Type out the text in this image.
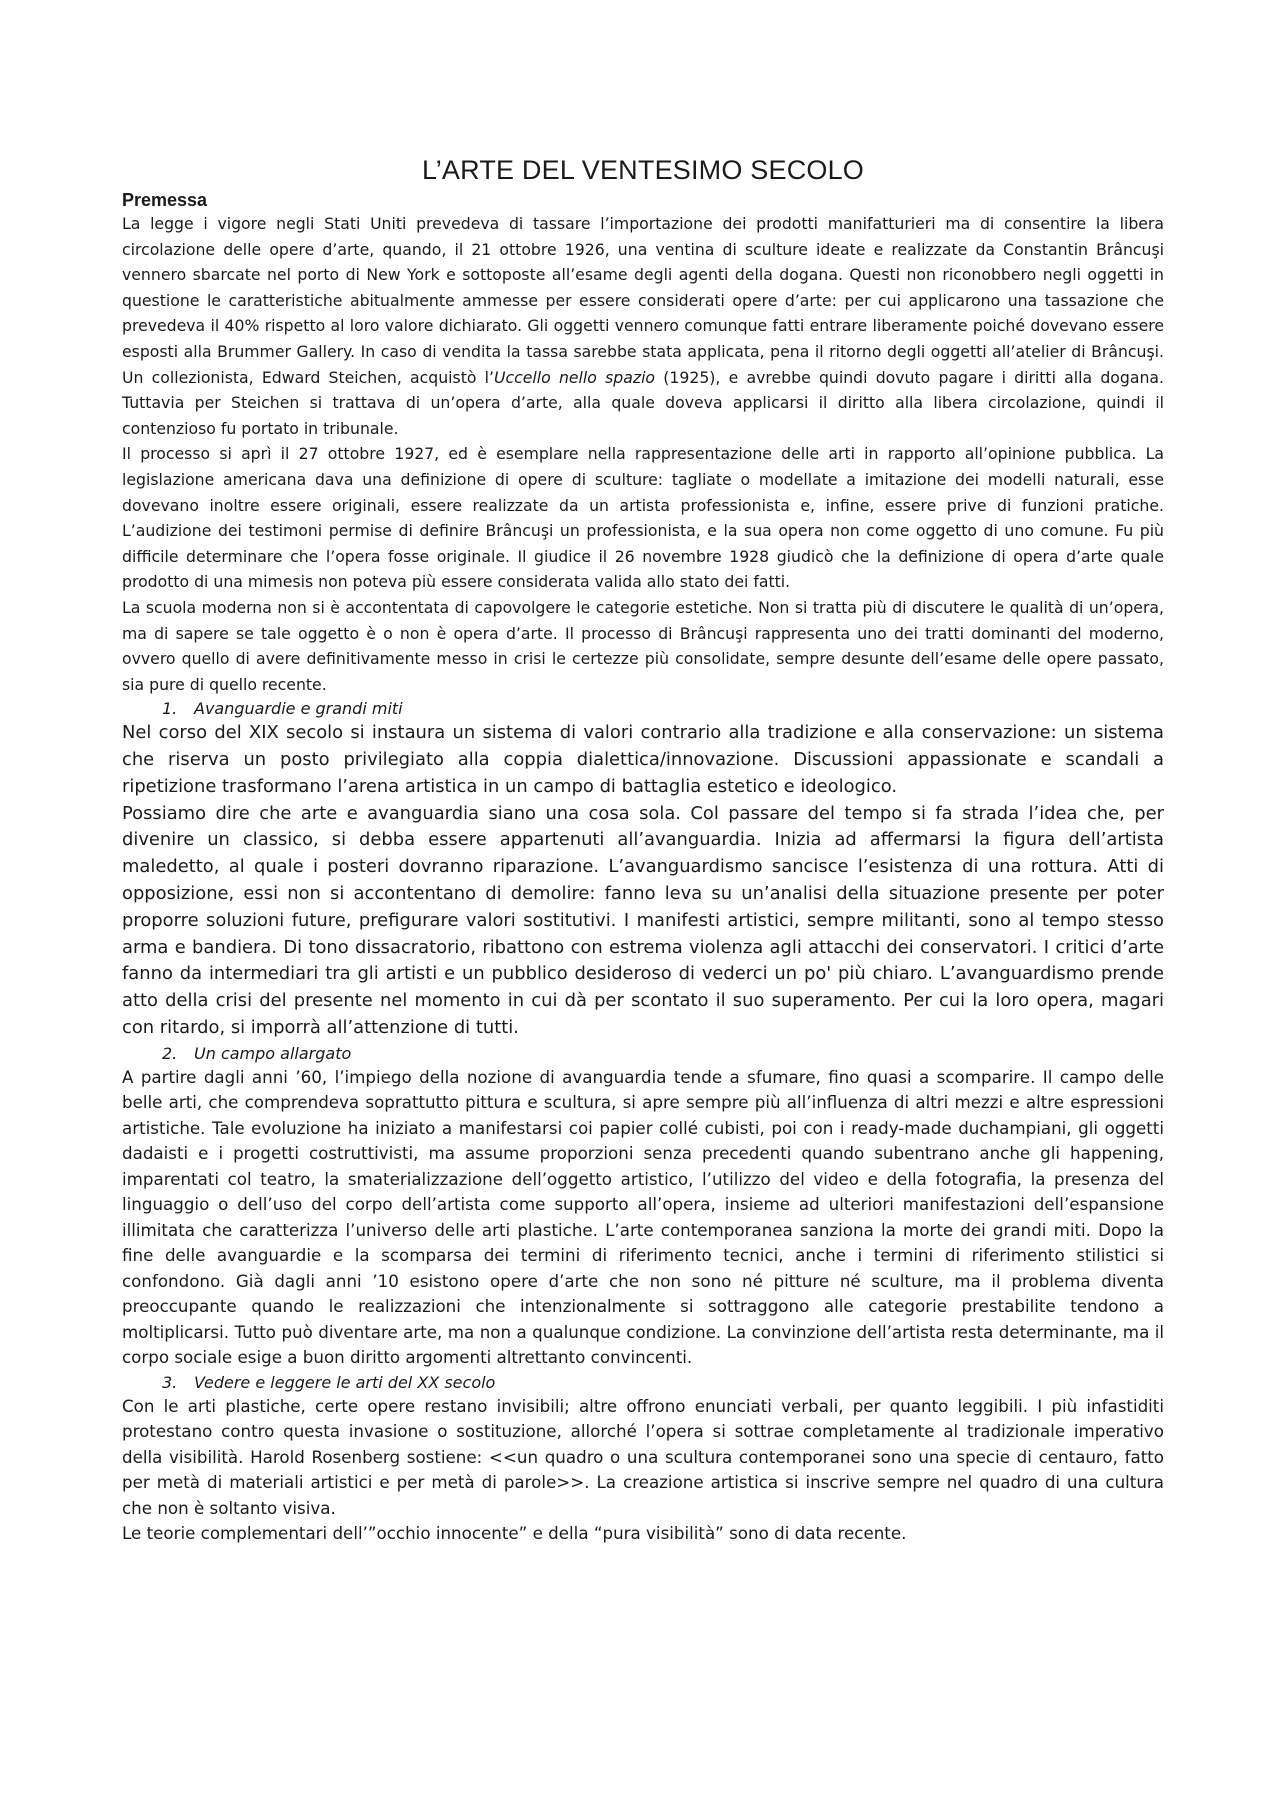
L’ARTE DEL VENTESIMO SECOLO

Premessa

La legge i vigore negli Stati Uniti prevedeva di tassare l’importazione dei prodotti manifatturieri ma di consentire la libera circolazione delle opere d’arte, quando, il 21 ottobre 1926, una ventina di sculture ideate e realizzate da Constantin Brâncuşi vennero sbarcate nel porto di New York e sottoposte all’esame degli agenti della dogana. Questi non riconobbero negli oggetti in questione le caratteristiche abitualmente ammesse per essere considerati opere d’arte: per cui applicarono una tassazione che prevedeva il 40% rispetto al loro valore dichiarato. Gli oggetti vennero comunque fatti entrare liberamente poiché dovevano essere esposti alla Brummer Gallery. In caso di vendita la tassa sarebbe stata applicata, pena il ritorno degli oggetti all’atelier di Brâncuşi. Un collezionista, Edward Steichen, acquistò l’Uccello nello spazio (1925), e avrebbe quindi dovuto pagare i diritti alla dogana. Tuttavia per Steichen si trattava di un’opera d’arte, alla quale doveva applicarsi il diritto alla libera circolazione, quindi il contenzioso fu portato in tribunale.

Il processo si aprì il 27 ottobre 1927, ed è esemplare nella rappresentazione delle arti in rapporto all’opinione pubblica. La legislazione americana dava una definizione di opere di sculture: tagliate o modellate a imitazione dei modelli naturali, esse dovevano inoltre essere originali, essere realizzate da un artista professionista e, infine, essere prive di funzioni pratiche. L’audizione dei testimoni permise di definire Brâncuşi un professionista, e la sua opera non come oggetto di uno comune. Fu più difficile determinare che l’opera fosse originale. Il giudice il 26 novembre 1928 giudicò che la definizione di opera d’arte quale prodotto di una mimesis non poteva più essere considerata valida allo stato dei fatti.

La scuola moderna non si è accontentata di capovolgere le categorie estetiche. Non si tratta più di discutere le qualità di un’opera, ma di sapere se tale oggetto è o non è opera d’arte. Il processo di Brâncuşi rappresenta uno dei tratti dominanti del moderno, ovvero quello di avere definitivamente messo in crisi le certezze più consolidate, sempre desunte dell’esame delle opere passato, sia pure di quello recente.

1. Avanguardie e grandi miti

Nel corso del XIX secolo si instaura un sistema di valori contrario alla tradizione e alla conservazione: un sistema che riserva un posto privilegiato alla coppia dialettica/innovazione. Discussioni appassionate e scandali a ripetizione trasformano l’arena artistica in un campo di battaglia estetico e ideologico.

Possiamo dire che arte e avanguardia siano una cosa sola. Col passare del tempo si fa strada l’idea che, per divenire un classico, si debba essere appartenuti all’avanguardia. Inizia ad affermarsi la figura dell’artista maledetto, al quale i posteri dovranno riparazione. L’avanguardismo sancisce l’esistenza di una rottura. Atti di opposizione, essi non si accontentano di demolire: fanno leva su un’analisi della situazione presente per poter proporre soluzioni future, prefigurare valori sostitutivi. I manifesti artistici, sempre militanti, sono al tempo stesso arma e bandiera. Di tono dissacratorio, ribattono con estrema violenza agli attacchi dei conservatori. I critici d’arte fanno da intermediari tra gli artisti e un pubblico desideroso di vederci un po' più chiaro. L’avanguardismo prende atto della crisi del presente nel momento in cui dà per scontato il suo superamento. Per cui la loro opera, magari con ritardo, si imporrà all’attenzione di tutti.

2. Un campo allargato

A partire dagli anni ’60, l’impiego della nozione di avanguardia tende a sfumare, fino quasi a scomparire. Il campo delle belle arti, che comprendeva soprattutto pittura e scultura, si apre sempre più all’influenza di altri mezzi e altre espressioni artistiche. Tale evoluzione ha iniziato a manifestarsi coi papier collé cubisti, poi con i ready-made duchampiani, gli oggetti dadaisti e i progetti costruttivisti, ma assume proporzioni senza precedenti quando subentrano anche gli happening, imparentati col teatro, la smaterializzazione dell’oggetto artistico, l’utilizzo del video e della fotografia, la presenza del linguaggio o dell’uso del corpo dell’artista come supporto all’opera, insieme ad ulteriori manifestazioni dell’espansione illimitata che caratterizza l’universo delle arti plastiche. L’arte contemporanea sanziona la morte dei grandi miti. Dopo la fine delle avanguardie e la scomparsa dei termini di riferimento tecnici, anche i termini di riferimento stilistici si confondono. Già dagli anni ’10 esistono opere d’arte che non sono né pitture né sculture, ma il problema diventa preoccupante quando le realizzazioni che intenzionalmente si sottraggono alle categorie prestabilite tendono a moltiplicarsi. Tutto può diventare arte, ma non a qualunque condizione. La convinzione dell’artista resta determinante, ma il corpo sociale esige a buon diritto argomenti altrettanto convincenti.

3. Vedere e leggere le arti del XX secolo

Con le arti plastiche, certe opere restano invisibili; altre offrono enunciati verbali, per quanto leggibili. I più infastiditi protestano contro questa invasione o sostituzione, allorché l’opera si sottrae completamente al tradizionale imperativo della visibilità. Harold Rosenberg sostiene: <<un quadro o una scultura contemporanei sono una specie di centauro, fatto per metà di materiali artistici e per metà di parole>>. La creazione artistica si inscrive sempre nel quadro di una cultura che non è soltanto visiva.

Le teorie complementari dell’”occhio innocente” e della “pura visibilità” sono di data recente.
